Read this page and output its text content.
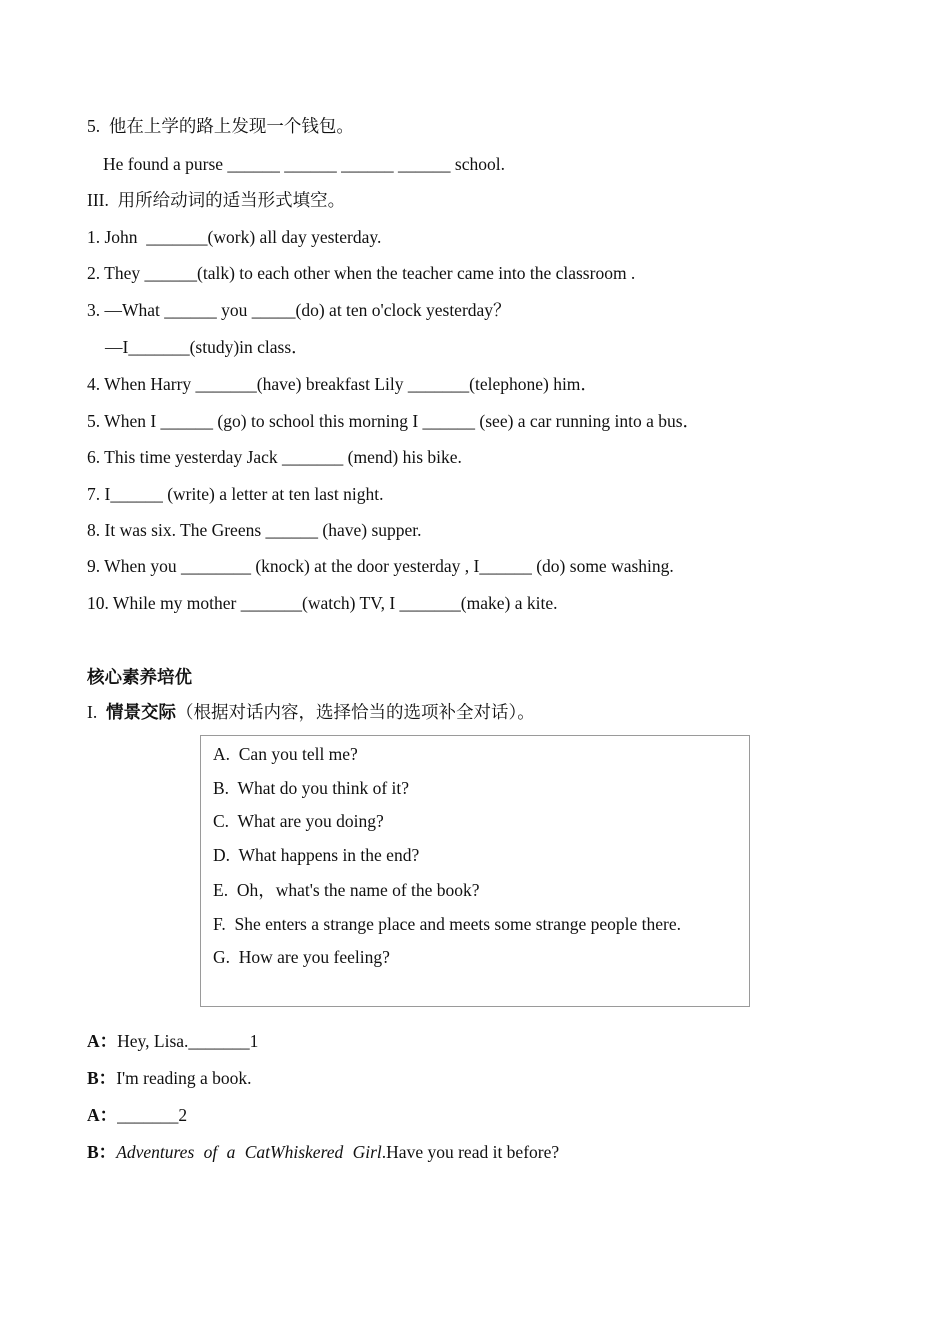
5.  他在上学的路上发现一个钱包。
He found a purse ______ ______ ______ ______ school.
III.  用所给动词的适当形式填空。
1. John  _______(work) all day yesterday.
2. They ______(talk) to each other when the teacher came into the classroom .
3. —What ______ you _____(do) at ten o'clock yesterday？
—I_______(study)in class．
4. When Harry _______(have) breakfast Lily _______(telephone) him．
5. When I ______ (go) to school this morning I ______ (see) a car running into a bus．
6. This time yesterday Jack _______ (mend) his bike.
7. I______ (write) a letter at ten last night.
8. It was six. The Greens ______ (have) supper.
9. When you ________ (knock) at the door yesterday , I______ (do) some washing.
10. While my mother _______(watch) TV, I _______(make) a kite.
核心素养培优
I.  情景交际（根据对话内容，选择恰当的选项补全对话）。
A.  Can you tell me?
B.  What do you think of it?
C.  What are you doing?
D.  What happens in the end?
E.  Oh，what's the name of the book?
F.  She enters a strange place and meets some strange people there.
G.  How are you feeling?
A：Hey, Lisa._______1
B：I'm reading a book.
A：_______2
B：Adventures of a CatWhiskered Girl.Have you read it before?
